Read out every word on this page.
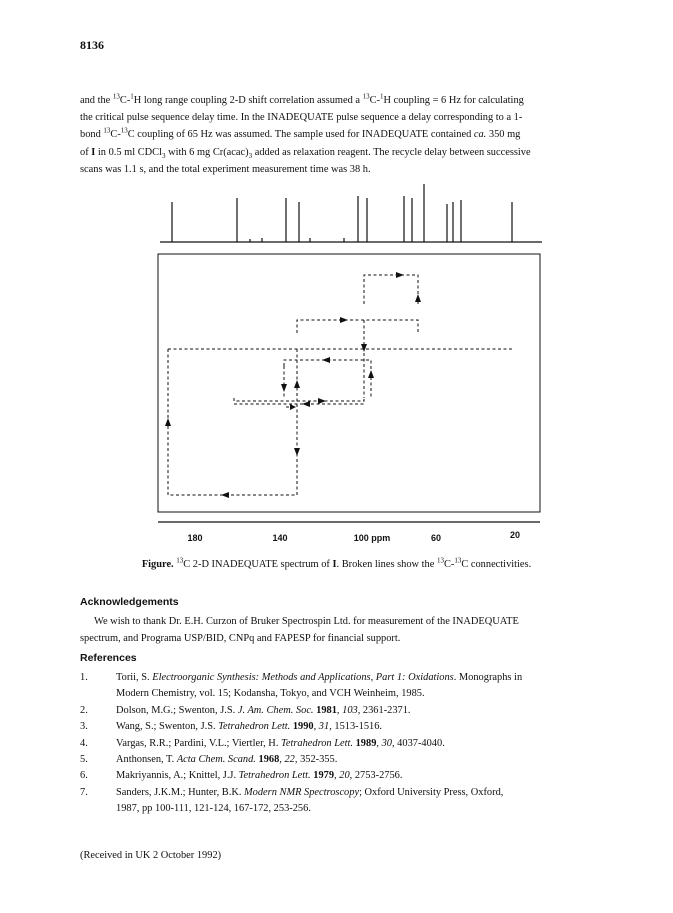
8136

and the $^{13}$C-$^1$H long range coupling 2-D shift correlation assumed a $^{13}$C-$^1$H coupling = 6 Hz for calculating

the critical pulse sequence delay time. In the INADEQUATE pulse sequence a delay corresponding to a 1-

bond $^{13}$C-$^{13}$C coupling of 65 Hz was assumed. The sample used for INADEQUATE contained ca. 350 mg

of I in 0.5 ml CDCl$_3$ with 6 mg $Cr(acac)_3$ added as relaxation reagent. The recycle delay between successive

scans was 1.1 s, and the total experiment measurement time was 38 h.

180	140	100 ppm	60	20
Figure. $^{13}$C 2-D INADEQUATE spectrum of I. Broken lines show the $^{13}$C-$^{13}$C connectivities.
Acknowledgements

We wish to thank Dr. E.H. Curzon of Bruker Spectrospin Ltd. for measurement of the INADEQUATE

spectrum, and Programa USP/BID, CNPq and FAPESP for financial support.

References
1.	Torii, S. Electroorganic Synthesis: Methods and Applications, Part 1: Oxidations. Monographs in
Modern Chemistry, vol. 15; Kodansha, Tokyo, and VCH Weinheim, 1985.
2.	Dolson, M.G.; Swenton, J.S. J. Am. Chem. Soc. 1981, 103, 2361-2371.
3.	Wang, S.; Swenton, J.S. Tetrahedron Lett. 1990, 31, 1513-1516.
4.	Vargas, R.R.; Pardini, V.L.; Viertler, H. Tetrahedron Lett. 1989, 30, 4037-4040.
5.	Anthonsen, T. Acta Chem. Scand. 1968, 22, 352-355.
6.	Makriyannis, A.; Knittel, J.J. Tetrahedron Lett. 1979, 20, 2753-2756.
7.	Sanders, J.K.M.; Hunter, B.K. Modern NMR Spectroscopy; Oxford University Press, Oxford,
1987, pp 100-111, 121-124, 167-172, 253-256.
(Received in UK 2 October 1992)
